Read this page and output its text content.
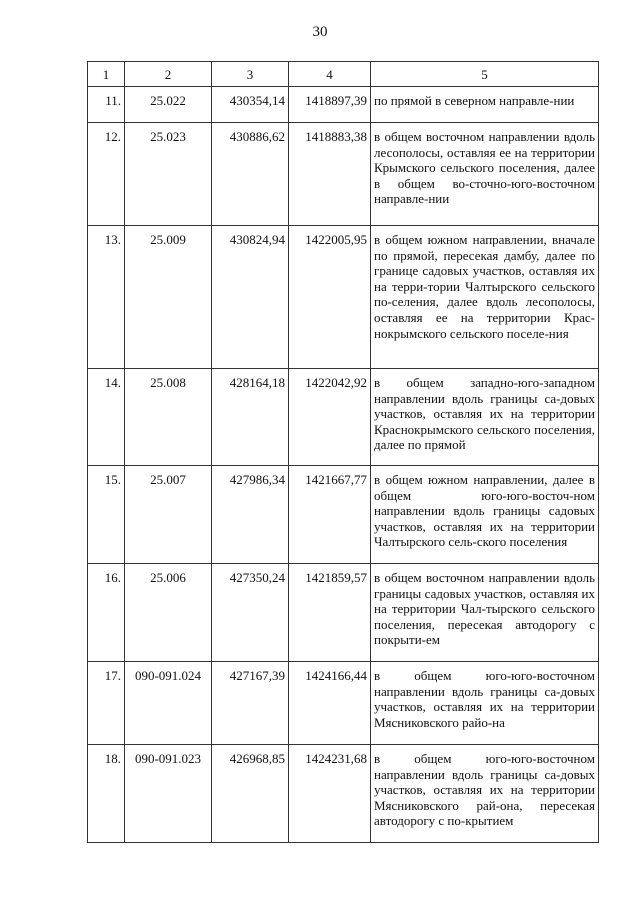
30
1	2	3	4	5
11.	25.022	430354,14	1418897,39	по прямой в северном направле-нии
12.	25.023	430886,62	1418883,38	в общем восточном направлении вдоль лесополосы, оставляя ее на территории Крымского сельского поселения, далее в общем во-сточно-юго-восточном направле-нии
13.	25.009	430824,94	1422005,95	в общем южном направлении, вначале по прямой, пересекая дамбу, далее по границе садовых участков, оставляя их на терри-тории Чалтырского сельского по-селения, далее вдоль лесополосы, оставляя ее на территории Крас-нокрымского сельского поселе-ния
14.	25.008	428164,18	1422042,92	в общем западно-юго-западном направлении вдоль границы са-довых участков, оставляя их на территории Краснокрымского сельского поселения, далее по прямой
15.	25.007	427986,34	1421667,77	в общем южном направлении, далее в общем юго-юго-восточ-ном направлении вдоль границы садовых участков, оставляя их на территории Чалтырского сель-ского поселения
16.	25.006	427350,24	1421859,57	в общем восточном направлении вдоль границы садовых участков, оставляя их на территории Чал-тырского сельского поселения, пересекая автодорогу с покрыти-ем
17.	090-091.024	427167,39	1424166,44	в общем юго-юго-восточном направлении вдоль границы са-довых участков, оставляя их на территории Мясниковского райо-на
18.	090-091.023	426968,85	1424231,68	в общем юго-юго-восточном направлении вдоль границы са-довых участков, оставляя их на территории Мясниковского рай-она, пересекая автодорогу с по-крытием
